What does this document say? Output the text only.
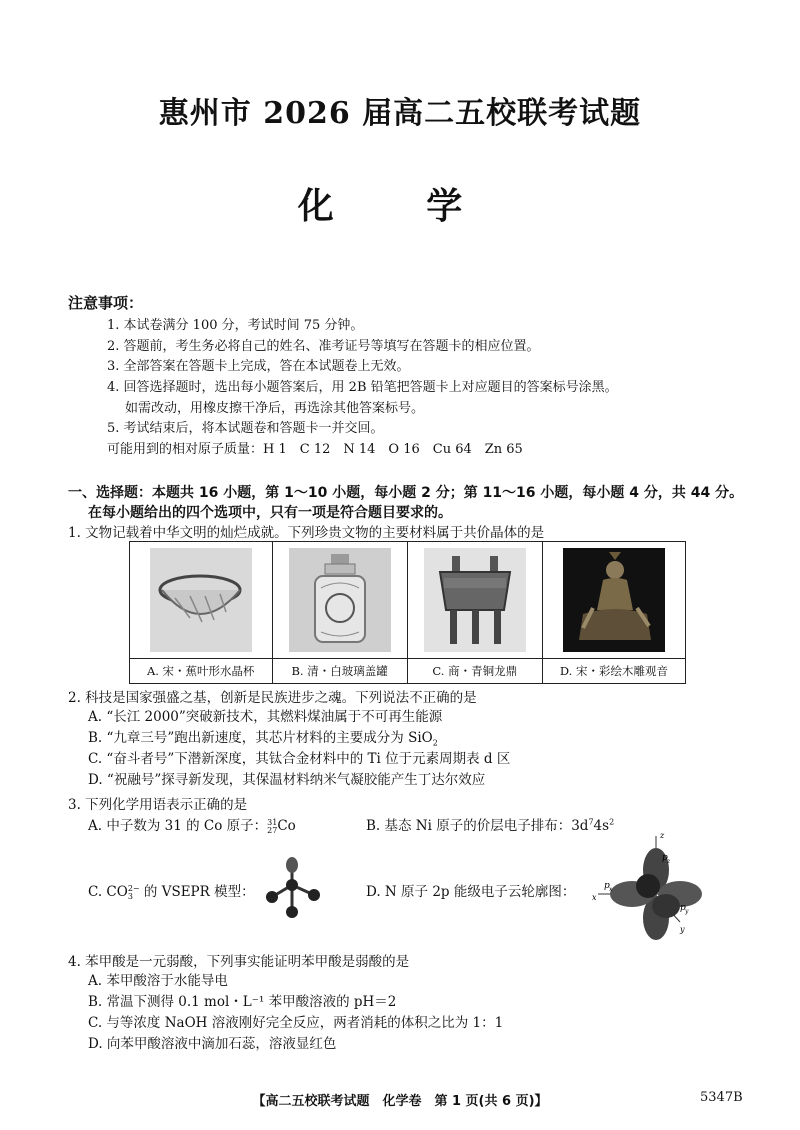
惠州市 2026 届高二五校联考试题
化 学
注意事项：
1. 本试卷满分 100 分，考试时间 75 分钟。
2. 答题前，考生务必将自己的姓名、准考证号等填写在答题卡的相应位置。
3. 全部答案在答题卡上完成，答在本试题卷上无效。
4. 回答选择题时，选出每小题答案后，用 2B 铅笔把答题卡上对应题目的答案标号涂黑。
如需改动，用橡皮擦干净后，再选涂其他答案标号。
5. 考试结束后，将本试题卷和答题卡一并交回。
可能用到的相对原子质量：H 1　C 12　N 14　O 16　Cu 64　Zn 65
一、选择题：本题共 16 小题，第 1～10 小题，每小题 2 分；第 11～16 小题，每小题 4 分，共 44 分。
在每小题给出的四个选项中，只有一项是符合题目要求的。
1. 文物记载着中华文明的灿烂成就。下列珍贵文物的主要材料属于共价晶体的是

A. 宋・蕉叶形水晶杯	B. 清・白玻璃盖罐	C. 商・青铜龙鼎	D. 宋・彩绘木雕观音
2. 科技是国家强盛之基，创新是民族进步之魂。下列说法不正确的是
A. “长江 2000”突破新技术，其燃料煤油属于不可再生能源
B. “九章三号”跑出新速度，其芯片材料的主要成分为 SiO$_2$
C. “奋斗者号”下潜新深度，其钛合金材料中的 Ti 位于元素周期表 d 区
D. “祝融号”探寻新发现，其保温材料纳米气凝胶能产生丁达尔效应
3. 下列化学用语表示正确的是
A. 中子数为 31 的 Co 原子： 31
27 Co	B. 基态 Ni 原子的价层电子排布：$3d^74s^2$
C. CO 2−
3 的 VSEPR 模型：	D. N 原子 2p 能级电子云轮廓图：
z
p z
p x
x
p y
y
4. 苯甲酸是一元弱酸，下列事实能证明苯甲酸是弱酸的是
A. 苯甲酸溶于水能导电
B. 常温下测得 0.1 mol・L⁻¹ 苯甲酸溶液的 pH＝2
C. 与等浓度 NaOH 溶液刚好完全反应，两者消耗的体积之比为 1：1
D. 向苯甲酸溶液中滴加石蕊，溶液显红色
【高二五校联考试题　化学卷　第 1 页(共 6 页)】	5347B
